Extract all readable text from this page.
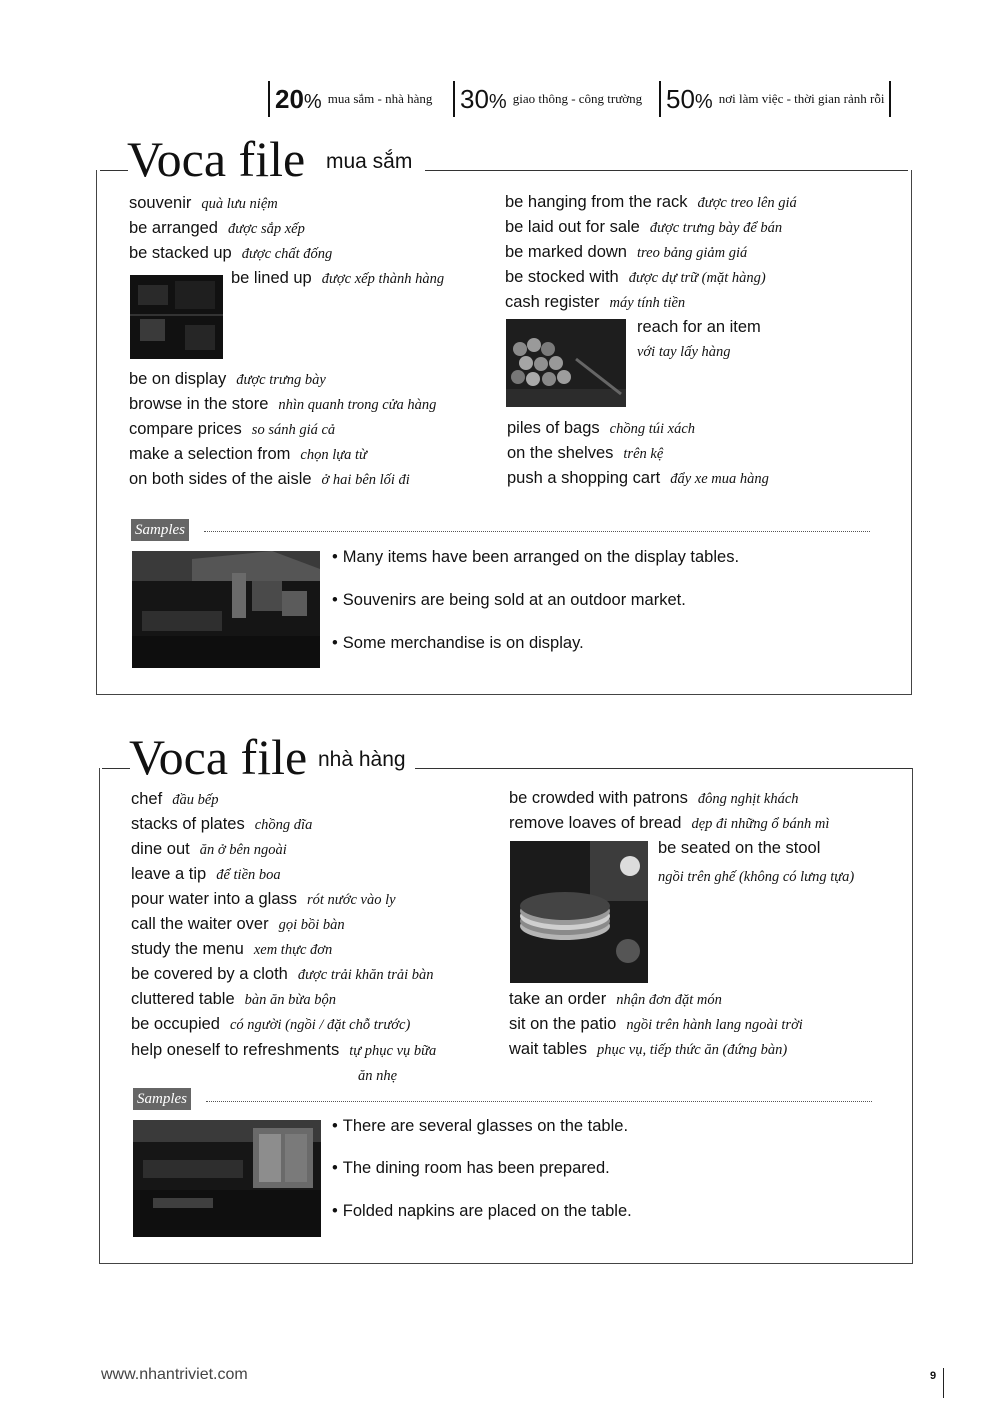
20% mua sắm - nhà hàng 30% giao thông - công trường 50% nơi làm việc - thời gian rảnh rỗi
Voca file mua sắm
souvenir quà lưu niệm
be arranged được sắp xếp
be stacked up được chất đống
be lined up được xếp thành hàng
be on display được trưng bày
browse in the store nhìn quanh trong cửa hàng
compare prices so sánh giá cả
make a selection from chọn lựa từ
on both sides of the aisle ở hai bên lối đi
be hanging from the rack được treo lên giá
be laid out for sale được trưng bày để bán
be marked down treo bảng giảm giá
be stocked with được dự trữ (mặt hàng)
cash register máy tính tiền
reach for an item
với tay lấy hàng
piles of bags chồng túi xách
on the shelves trên kệ
push a shopping cart đẩy xe mua hàng
Samples
• Many items have been arranged on the display tables.
• Souvenirs are being sold at an outdoor market.
• Some merchandise is on display.
Voca file nhà hàng
chef đầu bếp
stacks of plates chồng dĩa
dine out ăn ở bên ngoài
leave a tip để tiền boa
pour water into a glass rót nước vào ly
call the waiter over gọi bồi bàn
study the menu xem thực đơn
be covered by a cloth được trải khăn trải bàn
cluttered table bàn ăn bừa bộn
be occupied có người (ngồi / đặt chỗ trước)
help oneself to refreshments tự phục vụ bữa
ăn nhẹ
be crowded with patrons đông nghịt khách
remove loaves of bread dẹp đi những ổ bánh mì
be seated on the stool
ngồi trên ghế (không có lưng tựa)
take an order nhận đơn đặt món
sit on the patio ngồi trên hành lang ngoài trời
wait tables phục vụ, tiếp thức ăn (đứng bàn)
Samples
• There are several glasses on the table.
• The dining room has been prepared.
• Folded napkins are placed on the table.
www.nhantriviet.com	9
